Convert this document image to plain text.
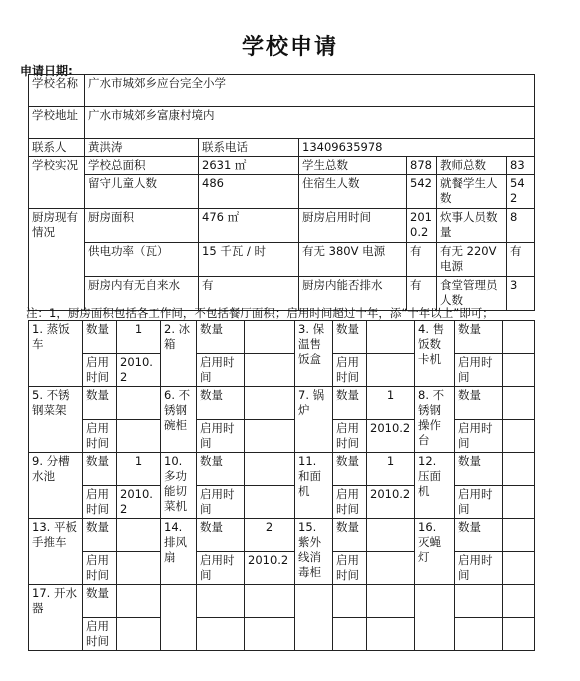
学校申请
申请日期:
学校名称	广水市城郊乡应台完全小学					
学校地址	广水市城郊乡富康村境内					
联系人	黄洪涛	联系电话	13409635978			
学校实况	学校总面积	2631 ㎡	学生总数	878	教师总数	83
	留守儿童人数	486	住宿生人数	542	就餐学生人数	542
厨房现有情况	厨房面积	476 ㎡	厨房启用时间	2010.2	炊事人员数量	8
	供电功率（瓦）	15 千瓦 / 时	有无 380V 电源	有	有无 220V 电源	有
	厨房内有无自来水	有	厨房内能否排水	有	食堂管理员人数	3
注：1，厨房面积包括各工作间，不包括餐厅面积；启用时间超过十年，添“十年以上”即可；
1. 蒸饭车	数量	1	2. 冰箱	数量		3. 保温售饭盒	数量		4. 售饭数卡机	数量	
	启用时间	2010.2		启用时间			启用时间			启用时间	
5. 不锈钢菜架	数量		6. 不锈钢碗柜	数量		7. 锅炉	数量	1	8. 不锈钢操作台	数量	
	启用时间			启用时间			启用时间	2010.2		启用时间	
9. 分槽水池	数量	1	10. 多功能切菜机	数量		11. 和面机	数量	1	12. 压面机	数量	
	启用时间	2010.2		启用时间			启用时间	2010.2		启用时间	
13. 平板手推车	数量		14. 排风扇	数量	2	15. 紫外线消毒柜	数量		16. 灭蝇灯	数量	
	启用时间			启用时间	2010.2		启用时间			启用时间	
17. 开水器	数量										
	启用时间										
